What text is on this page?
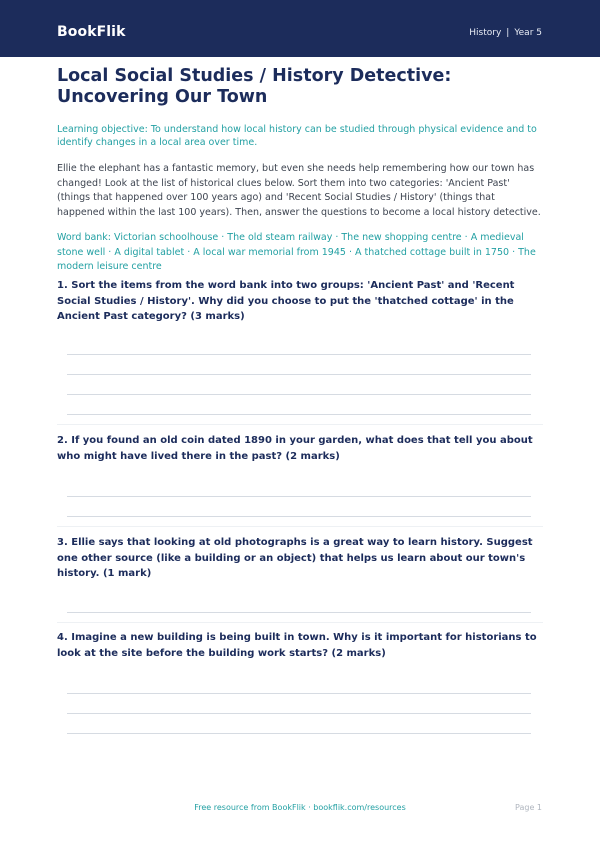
BookFlik	History | Year 5
Local Social Studies / History Detective: Uncovering Our Town

Learning objective: To understand how local history can be studied through physical evidence and to identify changes in a local area over time.

Ellie the elephant has a fantastic memory, but even she needs help remembering how our town has changed! Look at the list of historical clues below. Sort them into two categories: 'Ancient Past' (things that happened over 100 years ago) and 'Recent Social Studies / History' (things that happened within the last 100 years). Then, answer the questions to become a local history detective.

Word bank: Victorian schoolhouse · The old steam railway · The new shopping centre · A medieval stone well · A digital tablet · A local war memorial from 1945 · A thatched cottage built in 1750 · The modern leisure centre

1. Sort the items from the word bank into two groups: 'Ancient Past' and 'Recent Social Studies / History'. Why did you choose to put the 'thatched cottage' in the Ancient Past category? (3 marks)
2. If you found an old coin dated 1890 in your garden, what does that tell you about who might have lived there in the past? (2 marks)
3. Ellie says that looking at old photographs is a great way to learn history. Suggest one other source (like a building or an object) that helps us learn about our town's history. (1 mark)
4. Imagine a new building is being built in town. Why is it important for historians to look at the site before the building work starts? (2 marks)
Free resource from BookFlik · bookflik.com/resources	Page 1
